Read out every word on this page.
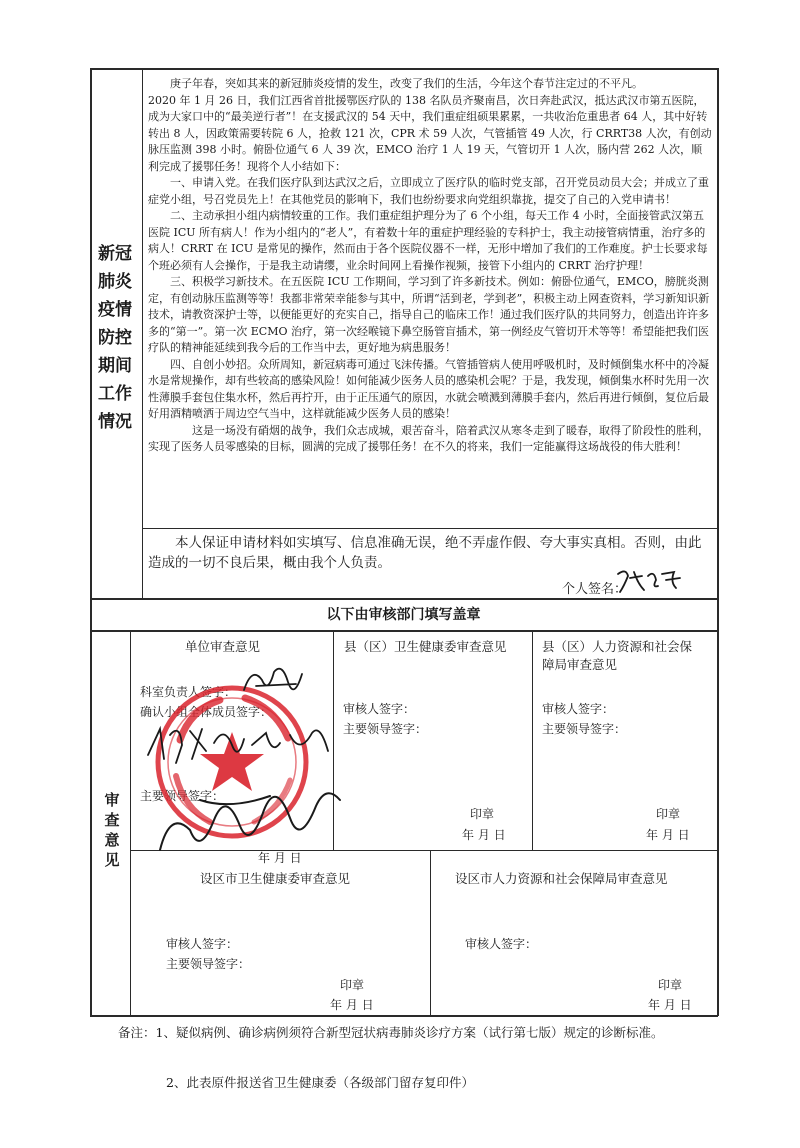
新冠
肺炎
疫情
防控
期间
工作
情况

庚子年春，突如其来的新冠肺炎疫情的发生，改变了我们的生活，今年这个春节注定过的不平凡。

2020 年 1 月 26 日，我们江西省首批援鄂医疗队的 138 名队员齐聚南昌，次日奔赴武汉，抵达武汉市第五医院，成为大家口中的“最美逆行者”！在支援武汉的 54 天中，我们重症组硕果累累，一共收治危重患者 64 人，其中好转转出 8 人，因政策需要转院 6 人，抢救 121 次，CPR 术 59 人次，气管插管 49 人次，行 CRRT38 人次，有创动脉压监测 398 小时。俯卧位通气 6 人 39 次，EMCO 治疗 1 人 19 天，气管切开 1 人次，肠内营 262 人次，顺利完成了援鄂任务！现将个人小结如下：

一、申请入党。在我们医疗队到达武汉之后，立即成立了医疗队的临时党支部，召开党员动员大会；并成立了重症党小组，号召党员先上！在其他党员的影响下，我们也纷纷要求向党组织靠拢，提交了自己的入党申请书！

二、主动承担小组内病情较重的工作。我们重症组护理分为了 6 个小组，每天工作 4 小时，全面接管武汉第五医院 ICU 所有病人！作为小组内的“老人”，有着数十年的重症护理经验的专科护士，我主动接管病情重，治疗多的病人！CRRT 在 ICU 是常见的操作，然而由于各个医院仪器不一样，无形中增加了我们的工作难度。护士长要求每个班必须有人会操作，于是我主动请缨，业余时间网上看操作视频，接管下小组内的 CRRT 治疗护理！

三、积极学习新技术。在五医院 ICU 工作期间，学习到了许多新技术。例如：俯卧位通气，EMCO，膀胱炎测定，有创动脉压监测等等！我都非常荣幸能参与其中，所谓“活到老，学到老”，积极主动上网查资料，学习新知识新技术，请教资深护士等，以便能更好的充实自己，指导自己的临床工作！通过我们医疗队的共同努力，创造出许许多多的“第一”。第一次 ECMO 治疗，第一次经喉镜下鼻空肠管盲插术，第一例经皮气管切开术等等！希望能把我们医疗队的精神能延续到我今后的工作当中去，更好地为病患服务！

四、自创小妙招。众所周知，新冠病毒可通过飞沫传播。气管插管病人使用呼吸机时，及时倾倒集水杯中的冷凝水是常规操作，却有些较高的感染风险！如何能减少医务人员的感染机会呢？于是，我发现，倾倒集水杯时先用一次性薄膜手套包住集水杯，然后再拧开，由于正压通气的原因，水就会喷溅到薄膜手套内，然后再进行倾倒，复位后最好用酒精喷洒于周边空气当中，这样就能减少医务人员的感染！

这是一场没有硝烟的战争，我们众志成城，艰苦奋斗，陪着武汉从寒冬走到了暖春，取得了阶段性的胜利，实现了医务人员零感染的目标，圆满的完成了援鄂任务！在不久的将来，我们一定能赢得这场战役的伟大胜利！

本人保证申请材料如实填写、信息准确无误，绝不弄虚作假、夸大事实真相。否则，由此造成的一切不良后果，概由我个人负责。

个人签名：
以下由审核部门填写盖章
审
查
意
见
单位审查意见
科室负责人签字：
确认小组全体成员签字：
主要领导签字：
年 月 日
县（区）卫生健康委审查意见
审核人签字：
主要领导签字：
印章
年 月 日
县（区）人力资源和社会保
障局审查意见
审核人签字：
主要领导签字：
印章
年 月 日
设区市卫生健康委审查意见
审核人签字：
主要领导签字：
印章
年 月 日
设区市人力资源和社会保障局审查意见
审核人签字：
印章
年 月 日
备注： 1、疑似病例、确诊病例须符合新型冠状病毒肺炎诊疗方案（试行第七版）规定的诊断标准。
2、此表原件报送省卫生健康委（各级部门留存复印件）
